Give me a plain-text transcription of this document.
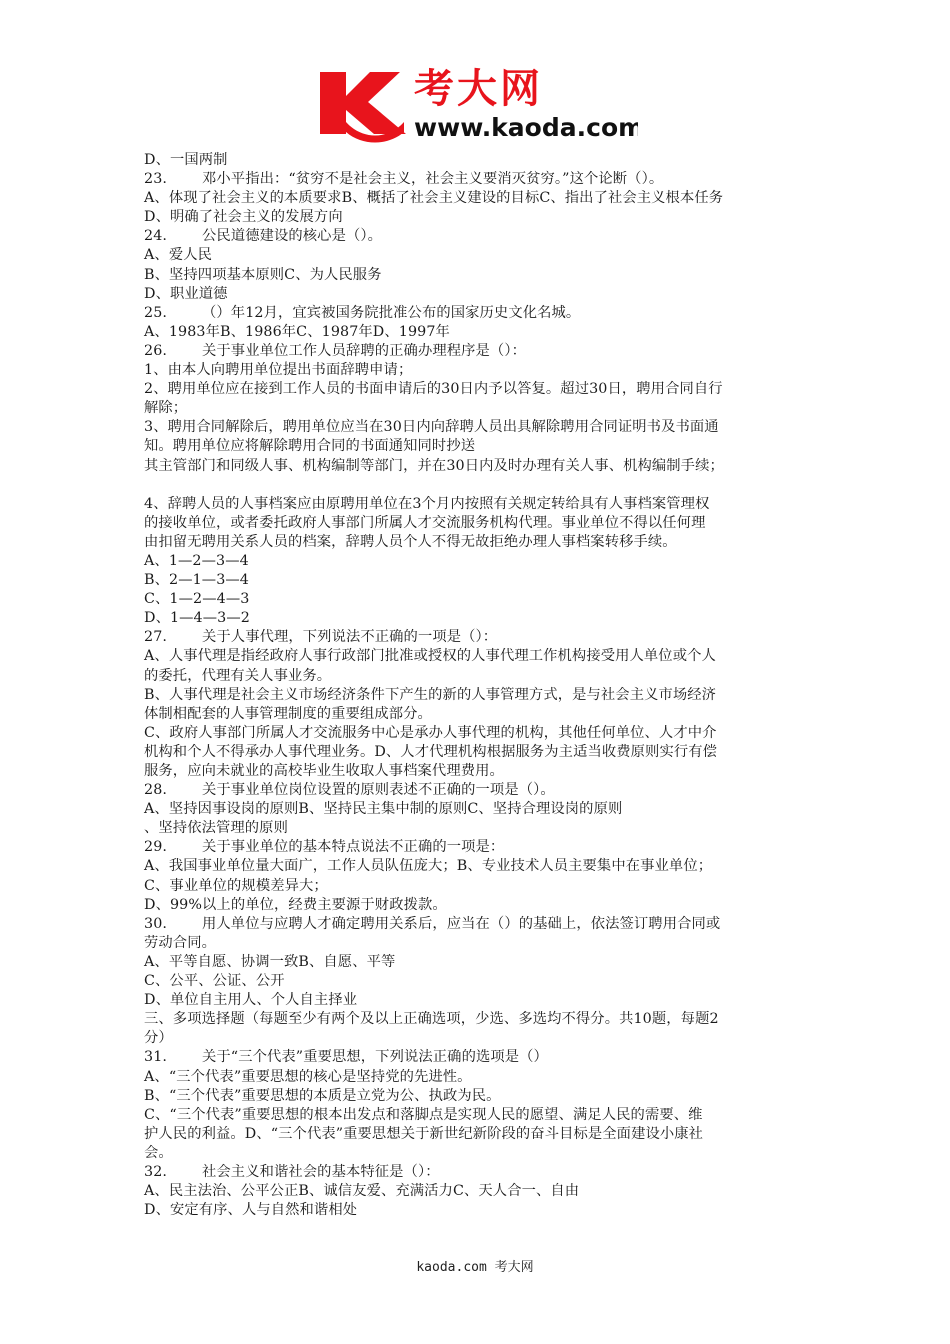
考大网
www.kaoda.com
D、一国两制
23. 邓小平指出：“贫穷不是社会主义，社会主义要消灭贫穷。”这个论断（）。
A、体现了社会主义的本质要求B、概括了社会主义建设的目标C、指出了社会主义根本任务
D、明确了社会主义的发展方向
24. 公民道德建设的核心是（）。
A、爱人民
B、坚持四项基本原则C、为人民服务
D、职业道德
25. （）年12月，宜宾被国务院批准公布的国家历史文化名城。
A、1983年B、1986年C、1987年D、1997年
26. 关于事业单位工作人员辞聘的正确办理程序是（）：
1、由本人向聘用单位提出书面辞聘申请；
2、聘用单位应在接到工作人员的书面申请后的30日内予以答复。超过30日，聘用合同自行
解除；
3、聘用合同解除后，聘用单位应当在30日内向辞聘人员出具解除聘用合同证明书及书面通
知。聘用单位应将解除聘用合同的书面通知同时抄送
其主管部门和同级人事、机构编制等部门，并在30日内及时办理有关人事、机构编制手续；
4、辞聘人员的人事档案应由原聘用单位在3个月内按照有关规定转给具有人事档案管理权
的接收单位，或者委托政府人事部门所属人才交流服务机构代理。事业单位不得以任何理
由扣留无聘用关系人员的档案，辞聘人员个人不得无故拒绝办理人事档案转移手续。
A、1—2—3—4
B、2—1—3—4
C、1—2—4—3
D、1—4—3—2
27. 关于人事代理，下列说法不正确的一项是（）：
A、人事代理是指经政府人事行政部门批准或授权的人事代理工作机构接受用人单位或个人
的委托，代理有关人事业务。
B、人事代理是社会主义市场经济条件下产生的新的人事管理方式，是与社会主义市场经济
体制相配套的人事管理制度的重要组成部分。
C、政府人事部门所属人才交流服务中心是承办人事代理的机构，其他任何单位、人才中介
机构和个人不得承办人事代理业务。D、人才代理机构根据服务为主适当收费原则实行有偿
服务，应向未就业的高校毕业生收取人事档案代理费用。
28. 关于事业单位岗位设置的原则表述不正确的一项是（）。
A、坚持因事设岗的原则B、坚持民主集中制的原则C、坚持合理设岗的原则
、坚持依法管理的原则
29. 关于事业单位的基本特点说法不正确的一项是：
A、我国事业单位量大面广，工作人员队伍庞大；B、专业技术人员主要集中在事业单位；
C、事业单位的规模差异大；
D、99%以上的单位，经费主要源于财政拨款。
30. 用人单位与应聘人才确定聘用关系后，应当在（）的基础上，依法签订聘用合同或
劳动合同。
A、平等自愿、协调一致B、自愿、平等
C、公平、公证、公开
D、单位自主用人、个人自主择业
三、多项选择题（每题至少有两个及以上正确选项，少选、多选均不得分。共10题，每题2
分）
31. 关于“三个代表”重要思想，下列说法正确的选项是（）
A、“三个代表”重要思想的核心是坚持党的先进性。
B、“三个代表”重要思想的本质是立党为公、执政为民。
C、“三个代表”重要思想的根本出发点和落脚点是实现人民的愿望、满足人民的需要、维
护人民的利益。D、“三个代表”重要思想关于新世纪新阶段的奋斗目标是全面建设小康社
会。
32. 社会主义和谐社会的基本特征是（）：
A、民主法治、公平公正B、诚信友爱、充满活力C、天人合一、自由
D、安定有序、人与自然和谐相处
kaoda.com 考大网
